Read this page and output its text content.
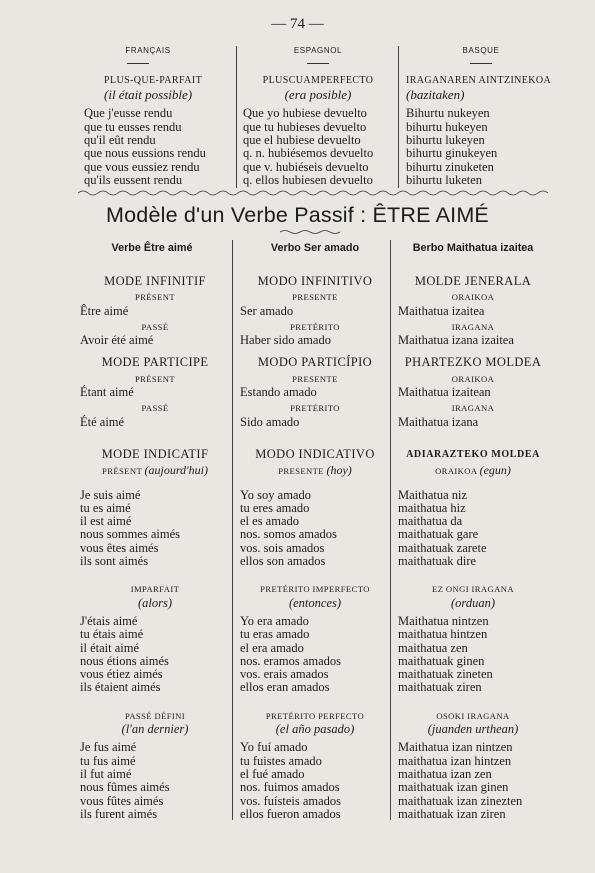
— 74 —
FRANÇAIS
PLUS-QUE-PARFAIT
(il était possible)
Que j'eusse rendu
que tu eusses rendu
qu'il eût rendu
que nous eussions rendu
que vous eussiez rendu
qu'ils eussent rendu
ESPAGNOL
PLUSCUAMPERFECTO
(era posible)
Que yo hubiese devuelto
que tu hubieses devuelto
que el hubiese devuelto
q. n. hubiésemos devuelto
que v. hubiéseis devuelto
q. ellos hubiesen devuelto
BASQUE
IRAGANAREN AINTZINEKOA
(bazitaken)
Bihurtu nukeyen
bihurtu hukeyen
bihurtu lukeyen
bihurtu ginukeyen
bihurtu zinuketen
bihurtu luketen
Modèle d'un Verbe Passif : ÊTRE AIMÉ
Verbe Être aimé
MODE INFINITIF
PRÉSENT
Être aimé
PASSÉ
Avoir été aimé
MODE PARTICIPE
PRÉSENT
Étant aimé
PASSÉ
Été aimé
MODE INDICATIF
PRÉSENT (aujourd'hui)
Je suis aimé
tu es aimé
il est aimé
nous sommes aimés
vous êtes aimés
ils sont aimés
IMPARFAIT
(alors)
J'étais aimé
tu étais aimé
il était aimé
nous étions aimés
vous étiez aimés
ils étaient aimés
PASSÉ DÉFINI
(l'an dernier)
Je fus aimé
tu fus aimé
il fut aimé
nous fûmes aimés
vous fûtes aimés
ils furent aimés
Verbo Ser amado
MODO INFINITIVO
PRESENTE
Ser amado
PRETÉRITO
Haber sido amado
MODO PARTICÍPIO
PRESENTE
Estando amado
PRETÉRITO
Sido amado
MODO INDICATIVO
PRESENTE (hoy)
Yo soy amado
tu eres amado
el es amado
nos. somos amados
vos. sois amados
ellos son amados
PRETÉRITO IMPERFECTO
(entonces)
Yo era amado
tu eras amado
el era amado
nos. eramos amados
vos. erais amados
ellos eran amados
PRETÉRITO PERFECTO
(el año pasado)
Yo fuí amado
tu fuistes amado
el fué amado
nos. fuimos amados
vos. fuísteis amados
ellos fueron amados
Berbo Maithatua izaitea
MOLDE JENERALA
ORAIKOA
Maithatua izaitea
IRAGANA
Maithatua izana izaitea
PHARTEZKO MOLDEA
ORAIKOA
Maithatua izaitean
IRAGANA
Maithatua izana
ADIARAZTEKO MOLDEA
ORAIKOA (egun)
Maithatua niz
maithatua hiz
maithatua da
maithatuak gare
maithatuak zarete
maithatuak dire
EZ ONGI IRAGANA
(orduan)
Maithatua nintzen
maithatua hintzen
maithatua zen
maithatuak ginen
maithatuak zineten
maithatuak ziren
OSOKI IRAGANA
(juanden urthean)
Maithatua izan nintzen
maithatua izan hintzen
maithatua izan zen
maithatuak izan ginen
maithatuak izan zinezten
maithatuak izan ziren
